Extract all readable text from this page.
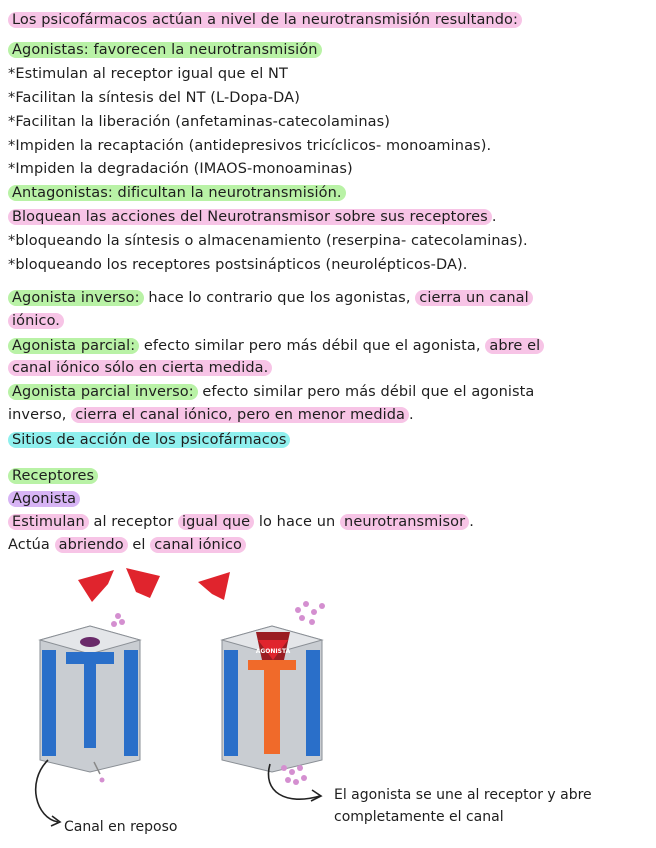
Los psicofármacos actúan a nivel de la neurotransmisión resultando:
Agonistas: favorecen la neurotransmisión
*Estimulan al receptor igual que el NT
*Facilitan la síntesis del NT (L-Dopa-DA)
*Facilitan la liberación (anfetaminas-catecolaminas)
*Impiden la recaptación (antidepresivos tricíclicos- monoaminas).
*Impiden la degradación (IMAOS-monoaminas)
Antagonistas: dificultan la neurotransmisión.
Bloquean las acciones del Neurotransmisor sobre sus receptores .
*bloqueando la síntesis o almacenamiento (reserpina- catecolaminas).
*bloqueando los receptores postsinápticos (neurolépticos-DA).
Agonista inverso: hace lo contrario que los agonistas, cierra un canal
iónico.
Agonista parcial: efecto similar pero más débil que el agonista, abre el
canal iónico sólo en cierta medida.
Agonista parcial inverso: efecto similar pero más débil que el agonista
inverso, cierra el canal iónico, pero en menor medida .
Sitios de acción de los psicofármacos
Receptores
Agonista
Estimulan al receptor igual que lo hace un neurotransmisor .
Actúa abriendo el canal iónico
AGONISTA
Canal en reposo
El agonista se une al receptor y abre
completamente el canal
